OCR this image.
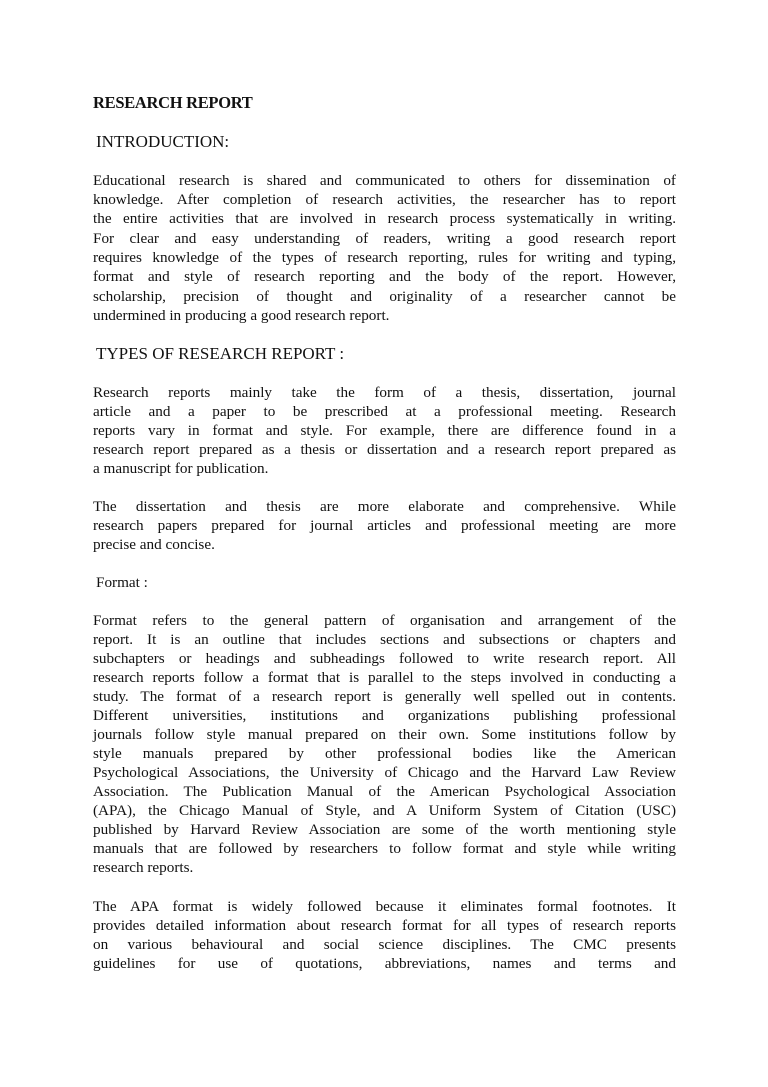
RESEARCH REPORT
INTRODUCTION:
Educational research is shared and communicated to others for dissemination of
knowledge. After completion of research activities, the researcher has to report
the entire activities that are involved in research process systematically in writing.
For clear and easy understanding of readers, writing a good research report
requires knowledge of the types of research reporting, rules for writing and typing,
format and style of research reporting and the body of the report. However,
scholarship, precision of thought and originality of a researcher cannot be
undermined in producing a good research report.
TYPES OF RESEARCH REPORT :
Research reports mainly take the form of a thesis, dissertation, journal
article and a paper to be prescribed at a professional meeting. Research
reports vary in format and style. For example, there are difference found in a
research report prepared as a thesis or dissertation and a research report prepared as
a manuscript for publication.
The dissertation and thesis are more elaborate and comprehensive. While
research papers prepared for journal articles and professional meeting are more
precise and concise.
Format :
Format refers to the general pattern of organisation and arrangement of the
report. It is an outline that includes sections and subsections or chapters and
subchapters or headings and subheadings followed to write research report. All
research reports follow a format that is parallel to the steps involved in conducting a
study. The format of a research report is generally well spelled out in contents.
Different universities, institutions and organizations publishing professional
journals follow style manual prepared on their own. Some institutions follow by
style manuals prepared by other professional bodies like the American
Psychological Associations, the University of Chicago and the Harvard Law Review
Association. The Publication Manual of the American Psychological Association
(APA), the Chicago Manual of Style, and A Uniform System of Citation (USC)
published by Harvard Review Association are some of the worth mentioning style
manuals that are followed by researchers to follow format and style while writing
research reports.
The APA format is widely followed because it eliminates formal footnotes. It
provides detailed information about research format for all types of research reports
on various behavioural and social science disciplines. The CMC presents
guidelines for use of quotations, abbreviations, names and terms and
